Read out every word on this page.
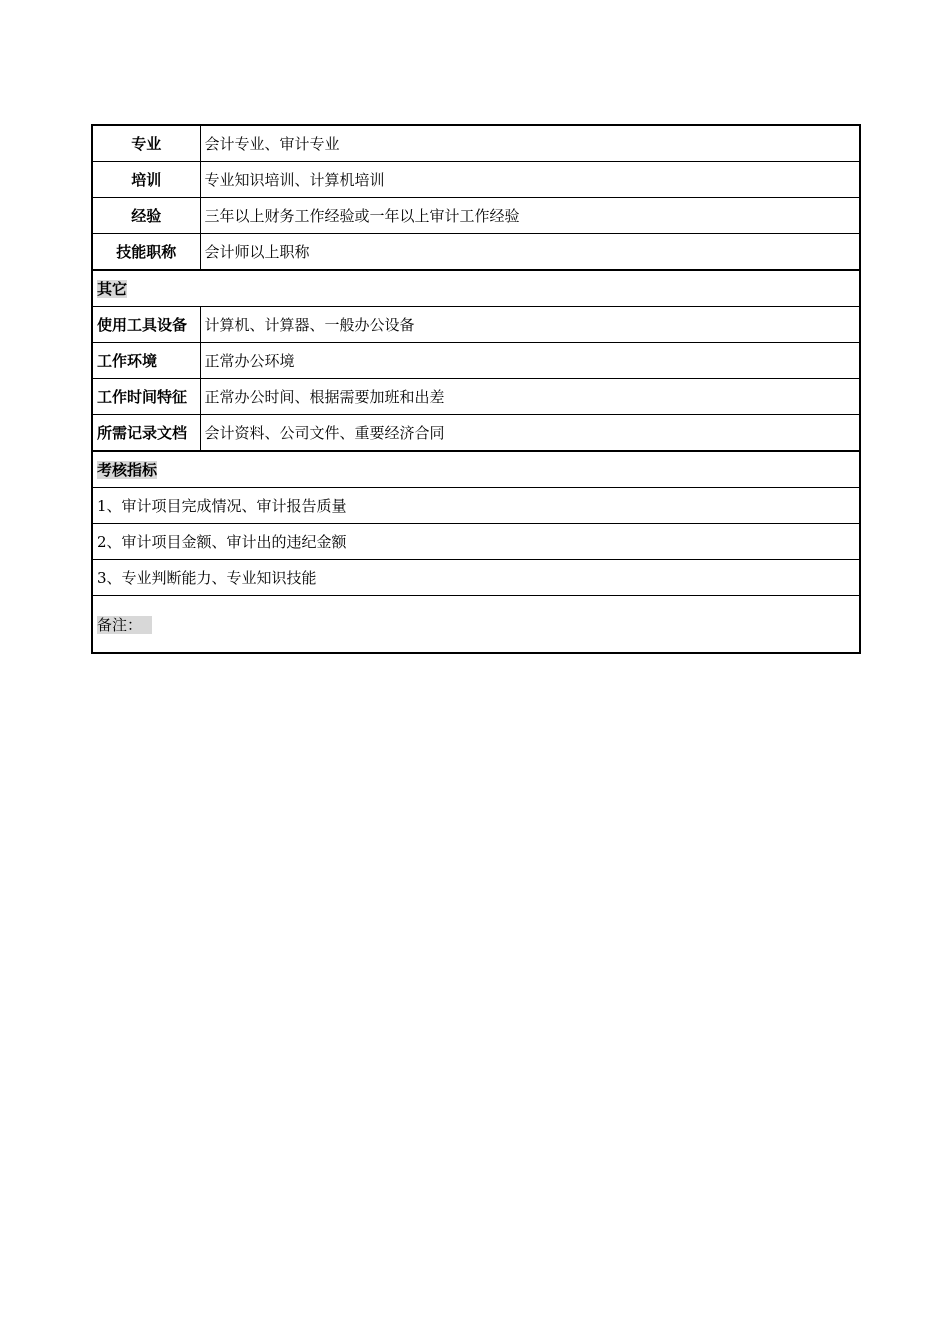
专业	会计专业、审计专业
培训	专业知识培训、计算机培训
经验	三年以上财务工作经验或一年以上审计工作经验
技能职称	会计师以上职称
其它	
使用工具设备	计算机、计算器、一般办公设备
工作环境	正常办公环境
工作时间特征	正常办公时间、根据需要加班和出差
所需记录文档	会计资料、公司文件、重要经济合同
考核指标	
1、审计项目完成情况、审计报告质量	
2、审计项目金额、审计出的违纪金额	
3、专业判断能力、专业知识技能	
备注：	
